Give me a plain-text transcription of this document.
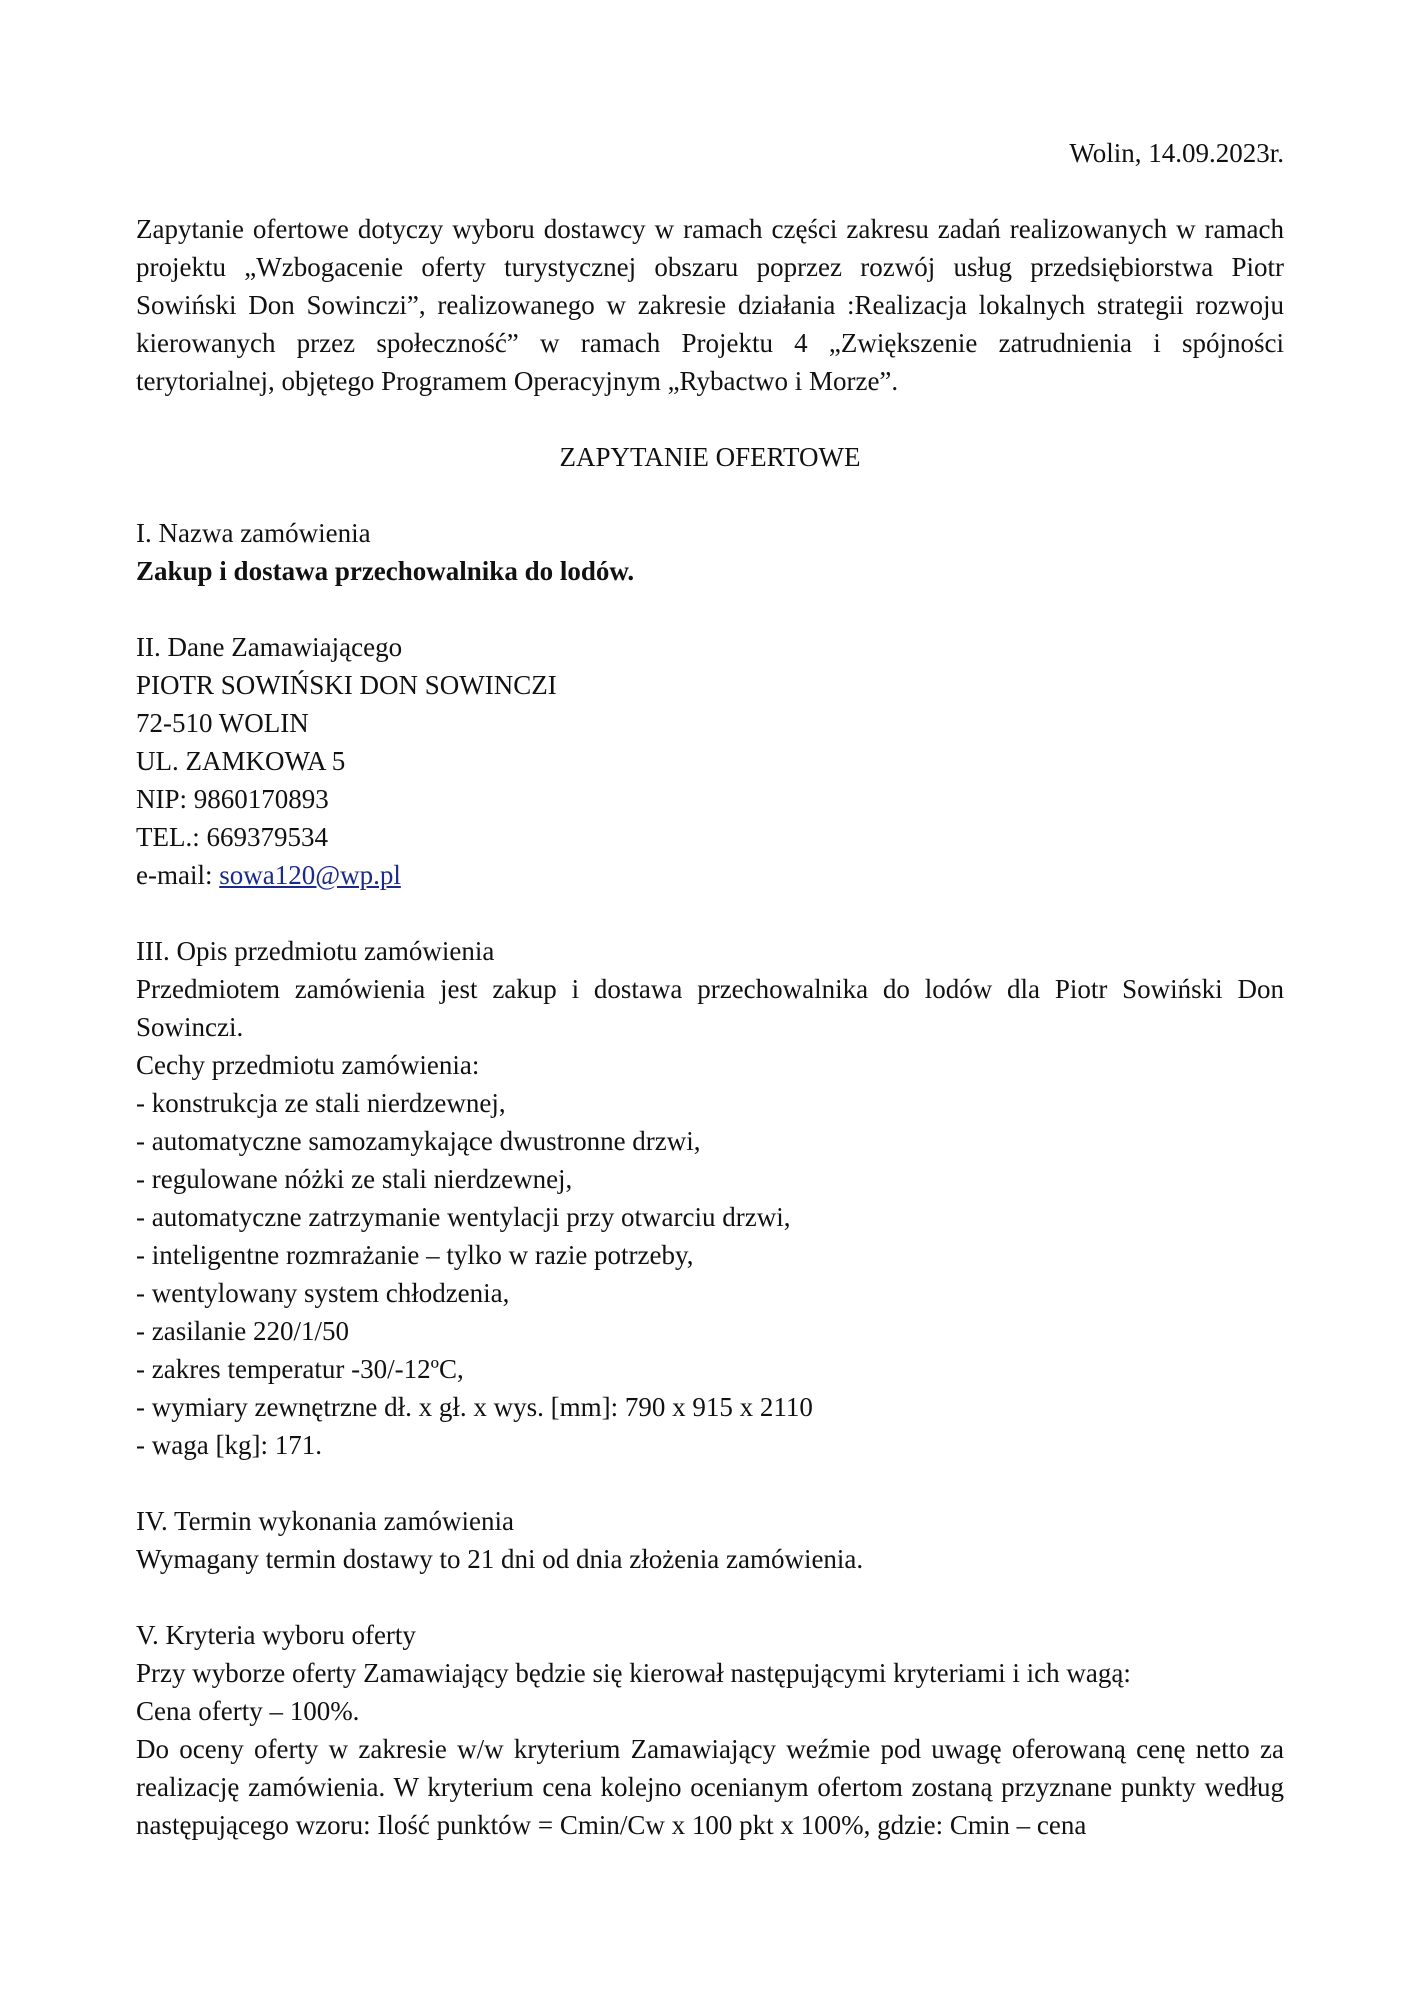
Wolin, 14.09.2023r.

Zapytanie ofertowe dotyczy wyboru dostawcy w ramach części zakresu zadań realizowanych w ramach projektu „Wzbogacenie oferty turystycznej obszaru poprzez rozwój usług przedsiębiorstwa Piotr Sowiński Don Sowinczi”, realizowanego w zakresie działania :Realizacja lokalnych strategii rozwoju kierowanych przez społeczność” w ramach Projektu 4 „Zwiększenie zatrudnienia i spójności terytorialnej, objętego Programem Operacyjnym „Rybactwo i Morze”.

ZAPYTANIE OFERTOWE

I. Nazwa zamówienia

Zakup i dostawa przechowalnika do lodów.

II. Dane Zamawiającego

PIOTR SOWIŃSKI DON SOWINCZI

72-510 WOLIN

UL. ZAMKOWA 5

NIP: 9860170893

TEL.: 669379534

e-mail: sowa120@wp.pl

III. Opis przedmiotu zamówienia

Przedmiotem zamówienia jest zakup i dostawa przechowalnika do lodów dla Piotr Sowiński Don Sowinczi.

Cechy przedmiotu zamówienia:

- konstrukcja ze stali nierdzewnej,
- automatyczne samozamykające dwustronne drzwi,
- regulowane nóżki ze stali nierdzewnej,
- automatyczne zatrzymanie wentylacji przy otwarciu drzwi,
- inteligentne rozmrażanie – tylko w razie potrzeby,
- wentylowany system chłodzenia,
- zasilanie 220/1/50
- zakres temperatur -30/-12ºC,
- wymiary zewnętrzne dł. x gł. x wys. [mm]: 790 x 915 x 2110
- waga [kg]: 171.

IV. Termin wykonania zamówienia

Wymagany termin dostawy to 21 dni od dnia złożenia zamówienia.

V. Kryteria wyboru oferty

Przy wyborze oferty Zamawiający będzie się kierował następującymi kryteriami i ich wagą:

Cena oferty – 100%.

Do oceny oferty w zakresie w/w kryterium Zamawiający weźmie pod uwagę oferowaną cenę netto za realizację zamówienia. W kryterium cena kolejno ocenianym ofertom zostaną przyznane punkty według następującego wzoru: Ilość punktów = Cmin/Cw x 100 pkt x 100%, gdzie: Cmin – cena
